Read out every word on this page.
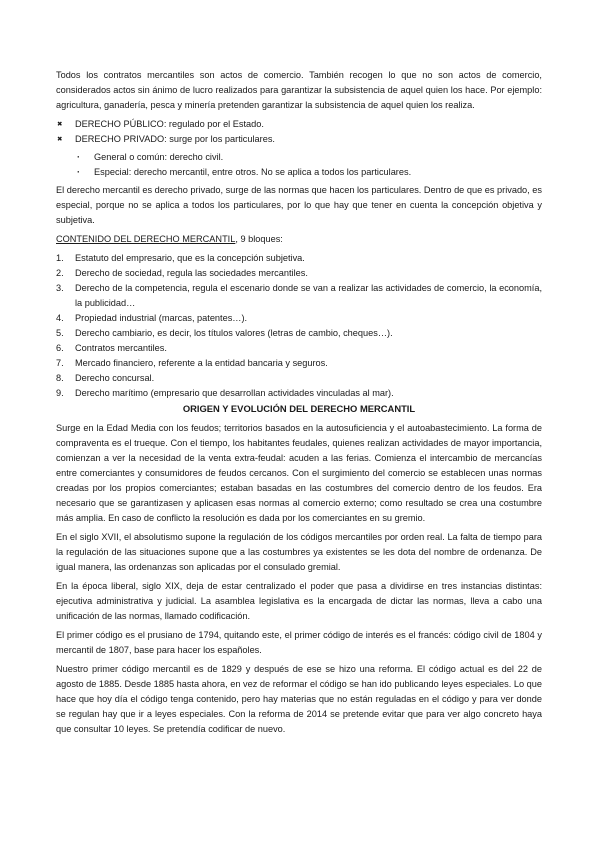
Todos los contratos mercantiles son actos de comercio. También recogen lo que no son actos de comercio, considerados actos sin ánimo de lucro realizados para garantizar la subsistencia de aquel quien los hace. Por ejemplo: agricultura, ganadería, pesca y minería pretenden garantizar la subsistencia de aquel quien los realiza.

✖ DERECHO PÚBLICO: regulado por el Estado.
✖ DERECHO PRIVADO: surge por los particulares.
· General o común: derecho civil.
· Especial: derecho mercantil, entre otros. No se aplica a todos los particulares.

El derecho mercantil es derecho privado, surge de las normas que hacen los particulares. Dentro de que es privado, es especial, porque no se aplica a todos los particulares, por lo que hay que tener en cuenta la concepción objetiva y subjetiva.

CONTENIDO DEL DERECHO MERCANTIL, 9 bloques:
1. Estatuto del empresario, que es la concepción subjetiva.
2. Derecho de sociedad, regula las sociedades mercantiles.
3. Derecho de la competencia, regula el escenario donde se van a realizar las actividades de comercio, la economía, la publicidad…
4. Propiedad industrial (marcas, patentes…).
5. Derecho cambiario, es decir, los títulos valores (letras de cambio, cheques…).
6. Contratos mercantiles.
7. Mercado financiero, referente a la entidad bancaria y seguros.
8. Derecho concursal.
9. Derecho marítimo (empresario que desarrollan actividades vinculadas al mar).
ORIGEN Y EVOLUCIÓN DEL DERECHO MERCANTIL

Surge en la Edad Media con los feudos; territorios basados en la autosuficiencia y el autoabastecimiento. La forma de compraventa es el trueque. Con el tiempo, los habitantes feudales, quienes realizan actividades de mayor importancia, comienzan a ver la necesidad de la venta extra-feudal: acuden a las ferias. Comienza el intercambio de mercancías entre comerciantes y consumidores de feudos cercanos. Con el surgimiento del comercio se establecen unas normas creadas por los propios comerciantes; estaban basadas en las costumbres del comercio dentro de los feudos. Era necesario que se garantizasen y aplicasen esas normas al comercio externo; como resultado se crea una costumbre más amplia. En caso de conflicto la resolución es dada por los comerciantes en su gremio.

En el siglo XVII, el absolutismo supone la regulación de los códigos mercantiles por orden real. La falta de tiempo para la regulación de las situaciones supone que a las costumbres ya existentes se les dota del nombre de ordenanza. De igual manera, las ordenanzas son aplicadas por el consulado gremial.

En la época liberal, siglo XIX, deja de estar centralizado el poder que pasa a dividirse en tres instancias distintas: ejecutiva administrativa y judicial. La asamblea legislativa es la encargada de dictar las normas, lleva a cabo una unificación de las normas, llamado codificación.

El primer código es el prusiano de 1794, quitando este, el primer código de interés es el francés: código civil de 1804 y mercantil de 1807, base para hacer los españoles.

Nuestro primer código mercantil es de 1829 y después de ese se hizo una reforma. El código actual es del 22 de agosto de 1885. Desde 1885 hasta ahora, en vez de reformar el código se han ido publicando leyes especiales. Lo que hace que hoy día el código tenga contenido, pero hay materias que no están reguladas en el código y para ver donde se regulan hay que ir a leyes especiales. Con la reforma de 2014 se pretende evitar que para ver algo concreto haya que consultar 10 leyes. Se pretendía codificar de nuevo.
